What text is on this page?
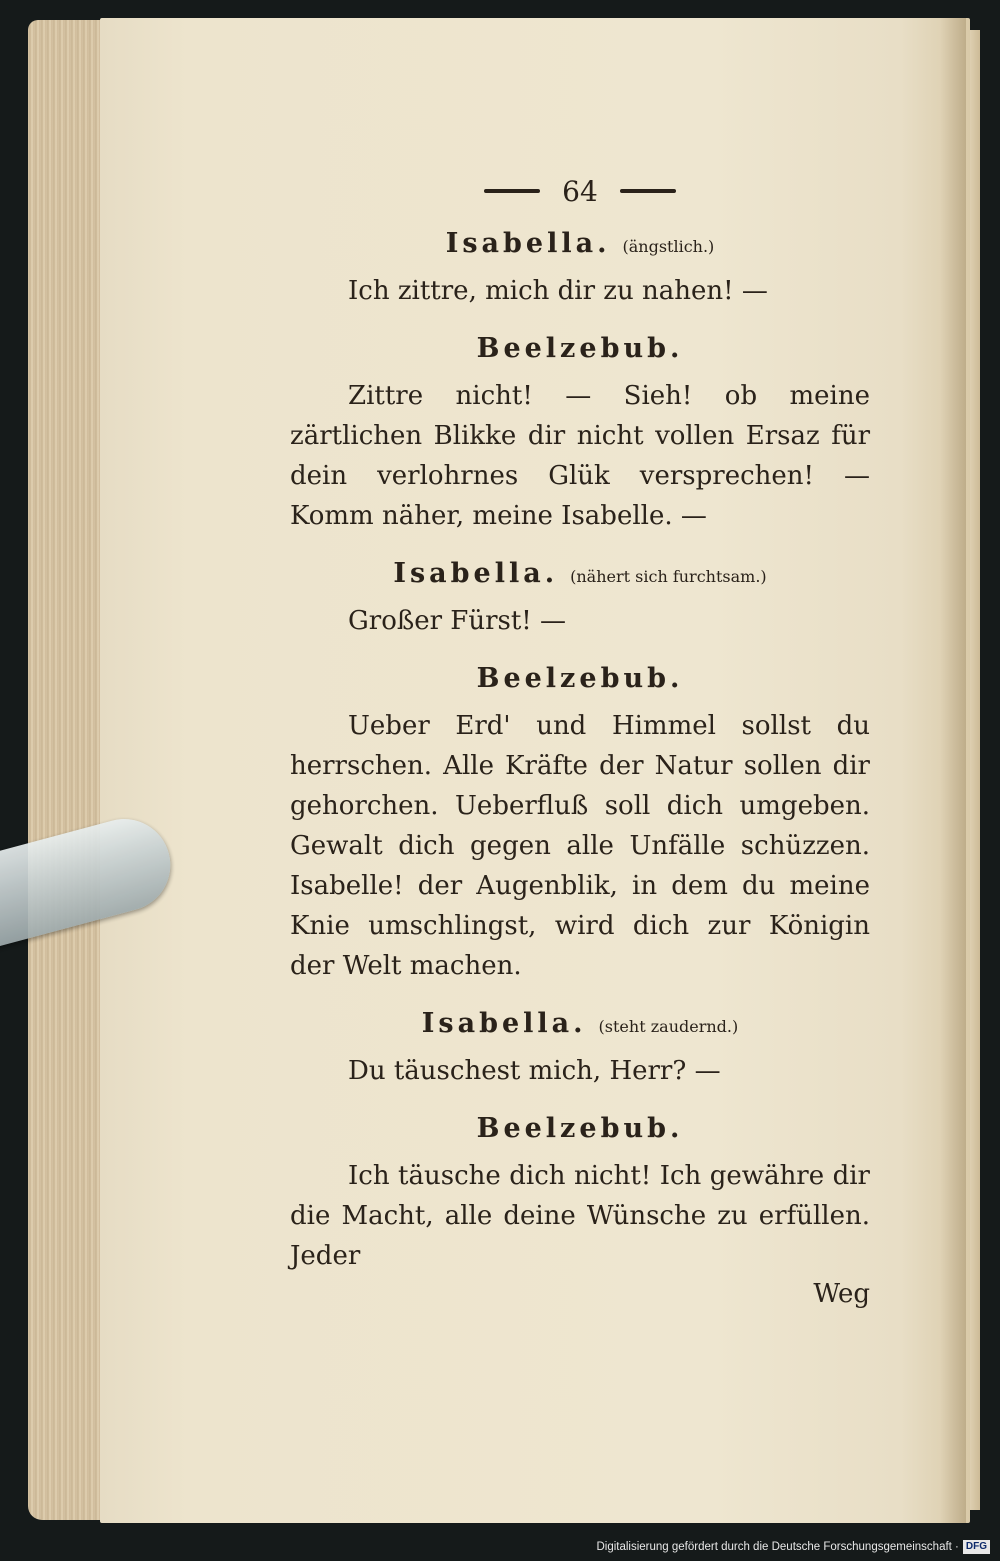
64
Isabella. (ängstlich.)

Ich zittre, mich dir zu nahen! —

Beelzebub.

Zittre nicht! — Sieh! ob meine zärtlichen Blikke dir nicht vollen Ersaz für dein verlohrnes Glük versprechen! — Komm näher, meine Isabelle. —

Isabella. (nähert sich furchtsam.)

Großer Fürst! —

Beelzebub.

Ueber Erd' und Himmel sollst du herrschen. Alle Kräfte der Natur sollen dir gehorchen. Ueberfluß soll dich umgeben. Gewalt dich gegen alle Unfälle schüzzen. Isabelle! der Augenblik, in dem du meine Knie umschlingst, wird dich zur Königin der Welt machen.

Isabella. (steht zaudernd.)

Du täuschest mich, Herr? —

Beelzebub.

Ich täusche dich nicht! Ich gewähre dir die Macht, alle deine Wünsche zu erfüllen. Jeder

Weg
Digitalisierung gefördert durch die Deutsche Forschungsgemeinschaft · DFG
